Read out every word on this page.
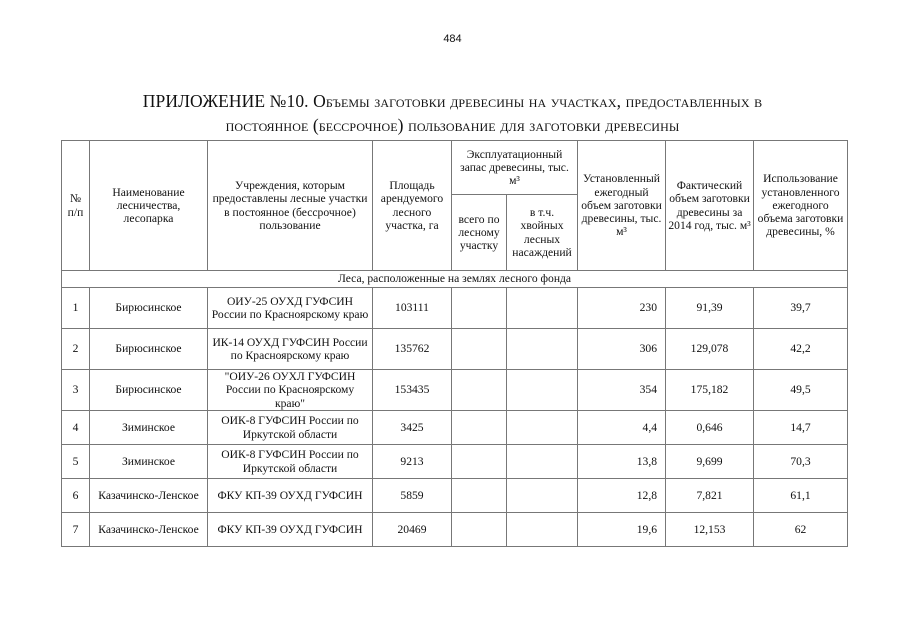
484
ПРИЛОЖЕНИЕ №10. Объемы заготовки древесины на участках, предоставленных в
постоянное (бессрочное) пользование для заготовки древесины
№ п/п	Наименование лесничества, лесопарка	Учреждения, которым предоставлены лесные участки в постоянное (бессрочное) пользование	Площадь арендуемого лесного участка, га	Эксплуатационный запас древесины, тыс. м³		Установленный ежегодный объем заготовки древесины, тыс. м³	Фактический объем заготовки древесины за 2014 год, тыс. м³	Использование установленного ежегодного объема заготовки древесины, %
				всего по лесному участку	в т.ч. хвойных лесных насаждений			
Леса, расположенные на землях лесного фонда								
1	Бирюсинское	ОИУ-25 ОУХД ГУФСИН России по Красноярскому краю	103111			230	91,39	39,7
2	Бирюсинское	ИК-14 ОУХД ГУФСИН России по Красноярскому краю	135762			306	129,078	42,2
3	Бирюсинское	"ОИУ-26 ОУХЛ ГУФСИН России по Красноярскому краю"	153435			354	175,182	49,5
4	Зиминское	ОИК-8 ГУФСИН России по Иркутской области	3425			4,4	0,646	14,7
5	Зиминское	ОИК-8 ГУФСИН России по Иркутской области	9213			13,8	9,699	70,3
6	Казачинско-Ленское	ФКУ КП-39 ОУХД ГУФСИН	5859			12,8	7,821	61,1
7	Казачинско-Ленское	ФКУ КП-39 ОУХД ГУФСИН	20469			19,6	12,153	62
